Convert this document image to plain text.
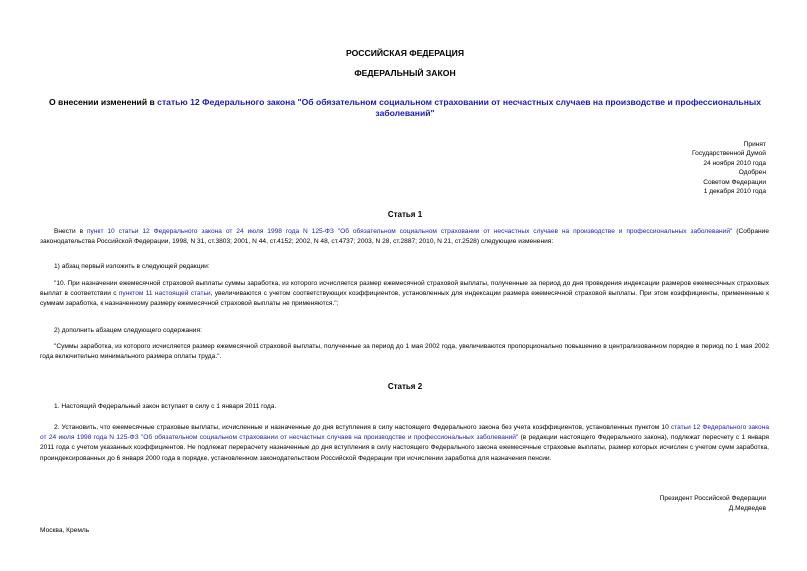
РОССИЙСКАЯ ФЕДЕРАЦИЯ
ФЕДЕРАЛЬНЫЙ ЗАКОН
О внесении изменений в статью 12 Федерального закона "Об обязательном социальном страховании от несчастных случаев на производстве и профессиональных заболеваний"
Принят
Государственной Думой
24 ноября 2010 года
Одобрен
Советом Федерации
1 декабря 2010 года
Статья 1
Внести в пункт 10 статьи 12 Федерального закона от 24 июля 1998 года N 125-ФЗ "Об обязательном социальном страховании от несчастных случаев на производстве и профессиональных заболеваний" (Собрание законодательства Российской Федерации, 1998, N 31, ст.3803; 2001, N 44, ст.4152; 2002, N 48, ст.4737; 2003, N 28, ст.2887; 2010, N 21, ст.2528) следующие изменения:
1) абзац первый изложить в следующей редакции:
"10. При назначении ежемесячной страховой выплаты суммы заработка, из которого исчисляется размер ежемесячной страховой выплаты, полученные за период до дня проведения индексации размеров ежемесячных страховых выплат в соответствии с пунктом 11 настоящей статьи, увеличиваются с учетом соответствующих коэффициентов, установленных для индексации размера ежемесячной страховой выплаты. При этом коэффициенты, примененные к суммам заработка, к назначенному размеру ежемесячной страховой выплаты не применяются.";
2) дополнить абзацем следующего содержания:
"Суммы заработка, из которого исчисляется размер ежемесячной страховой выплаты, полученные за период до 1 мая 2002 года, увеличиваются пропорционально повышению в централизованном порядке в период по 1 мая 2002 года включительно минимального размера оплаты труда.".
Статья 2
1. Настоящий Федеральный закон вступает в силу с 1 января 2011 года.
2. Установить, что ежемесячные страховые выплаты, исчисленные и назначенные до дня вступления в силу настоящего Федерального закона без учета коэффициентов, установленных пунктом 10 статьи 12 Федерального закона от 24 июля 1998 года N 125-ФЗ "Об обязательном социальном страховании от несчастных случаев на производстве и профессиональных заболеваний" (в редакции настоящего Федерального закона), подлежат пересчету с 1 января 2011 года с учетом указанных коэффициентов. Не подлежат перерасчету назначенные до дня вступления в силу настоящего Федерального закона ежемесячные страховые выплаты, размер которых исчислен с учетом сумм заработка, проиндексированных до 6 января 2000 года в порядке, установленном законодательством Российской Федерации при исчислении заработка для назначения пенсии.
Президент Российской Федерации
Д.Медведев
Москва, Кремль
